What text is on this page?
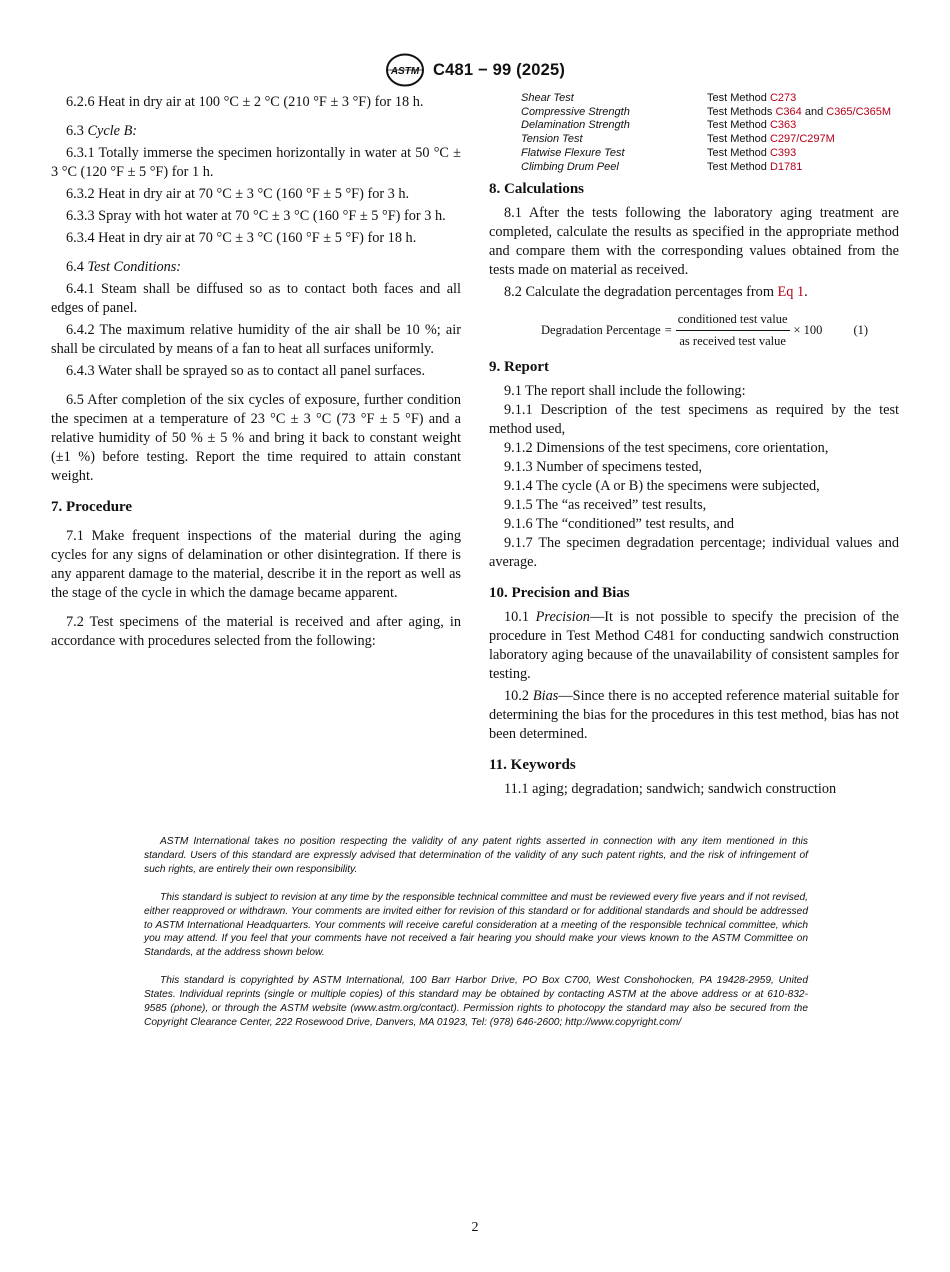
ASTM C481 − 99 (2025)

6.2.6 Heat in dry air at 100 °C ± 2 °C (210 °F ± 3 °F) for 18 h.

6.3 Cycle B:

6.3.1 Totally immerse the specimen horizontally in water at 50 °C ± 3 °C (120 °F ± 5 °F) for 1 h.

6.3.2 Heat in dry air at 70 °C ± 3 °C (160 °F ± 5 °F) for 3 h.

6.3.3 Spray with hot water at 70 °C ± 3 °C (160 °F ± 5 °F) for 3 h.

6.3.4 Heat in dry air at 70 °C ± 3 °C (160 °F ± 5 °F) for 18 h.

6.4 Test Conditions:

6.4.1 Steam shall be diffused so as to contact both faces and all edges of panel.

6.4.2 The maximum relative humidity of the air shall be 10 %; air shall be circulated by means of a fan to heat all surfaces uniformly.

6.4.3 Water shall be sprayed so as to contact all panel surfaces.

6.5 After completion of the six cycles of exposure, further condition the specimen at a temperature of 23 °C ± 3 °C (73 °F ± 5 °F) and a relative humidity of 50 % ± 5 % and bring it back to constant weight (±1 %) before testing. Report the time required to attain constant weight.

7. Procedure

7.1 Make frequent inspections of the material during the aging cycles for any signs of delamination or other disintegration. If there is any apparent damage to the material, describe it in the report as well as the stage of the cycle in which the damage became apparent.

7.2 Test specimens of the material is received and after aging, in accordance with procedures selected from the following:

Shear Test	Test Method C273
Compressive Strength	Test Methods C364 and C365/C365M
Delamination Strength	Test Method C363
Tension Test	Test Method C297/C297M
Flatwise Flexure Test	Test Method C393
Climbing Drum Peel	Test Method D1781
8. Calculations

8.1 After the tests following the laboratory aging treatment are completed, calculate the results as specified in the appropriate method and compare them with the corresponding values obtained from the tests made on material as received.

8.2 Calculate the degradation percentages from Eq 1.

Degradation Percentage = $\frac{\text{conditioned test value}}{\text{as received test value}} \times 100$ (1)
9. Report

9.1 The report shall include the following:

9.1.1 Description of the test specimens as required by the test method used,

9.1.2 Dimensions of the test specimens, core orientation,

9.1.3 Number of specimens tested,

9.1.4 The cycle (A or B) the specimens were subjected,

9.1.5 The “as received” test results,

9.1.6 The “conditioned” test results, and

9.1.7 The specimen degradation percentage; individual values and average.

10. Precision and Bias

10.1 Precision—It is not possible to specify the precision of the procedure in Test Method C481 for conducting sandwich construction laboratory aging because of the unavailability of consistent samples for testing.

10.2 Bias—Since there is no accepted reference material suitable for determining the bias for the procedures in this test method, bias has not been determined.

11. Keywords

11.1 aging; degradation; sandwich; sandwich construction

ASTM International takes no position respecting the validity of any patent rights asserted in connection with any item mentioned in this standard. Users of this standard are expressly advised that determination of the validity of any such patent rights, and the risk of infringement of such rights, are entirely their own responsibility.

This standard is subject to revision at any time by the responsible technical committee and must be reviewed every five years and if not revised, either reapproved or withdrawn. Your comments are invited either for revision of this standard or for additional standards and should be addressed to ASTM International Headquarters. Your comments will receive careful consideration at a meeting of the responsible technical committee, which you may attend. If you feel that your comments have not received a fair hearing you should make your views known to the ASTM Committee on Standards, at the address shown below.

This standard is copyrighted by ASTM International, 100 Barr Harbor Drive, PO Box C700, West Conshohocken, PA 19428-2959, United States. Individual reprints (single or multiple copies) of this standard may be obtained by contacting ASTM at the above address or at 610-832-9585 (phone), or through the ASTM website (www.astm.org/contact). Permission rights to photocopy the standard may also be secured from the Copyright Clearance Center, 222 Rosewood Drive, Danvers, MA 01923, Tel: (978) 646-2600; http://www.copyright.com/

2
